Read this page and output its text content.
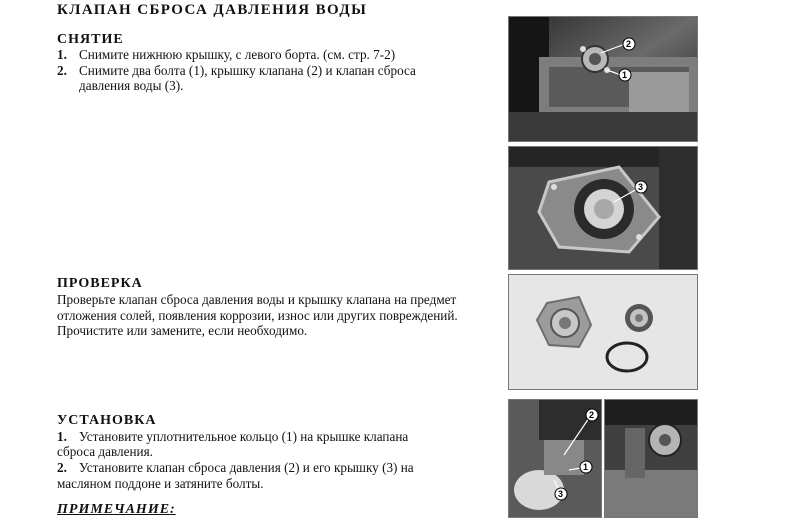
КЛАПАН СБРОСА ДАВЛЕНИЯ ВОДЫ
СНЯТИЕ
1. Снимите нижнюю крышку, с левого борта. (см. стр. 7-2)
2. Снимите два болта (1), крышку клапана (2) и клапан сброса
давления воды (3).
ПРОВЕРКА
Проверьте клапан сброса давления воды и крышку клапана на предмет
отложения солей, появления коррозии, износ или других повреждений.
Прочистите или замените, если необходимо.
УСТАНОВКА
1. Установите уплотнительное кольцо (1) на крышке клапана
сброса давления.
2. Установите клапан сброса давления (2) и его крышку (3) на
масляном поддоне и затяните болты.
ПРИМЕЧАНИЕ:
2
1
3
2
1
3
